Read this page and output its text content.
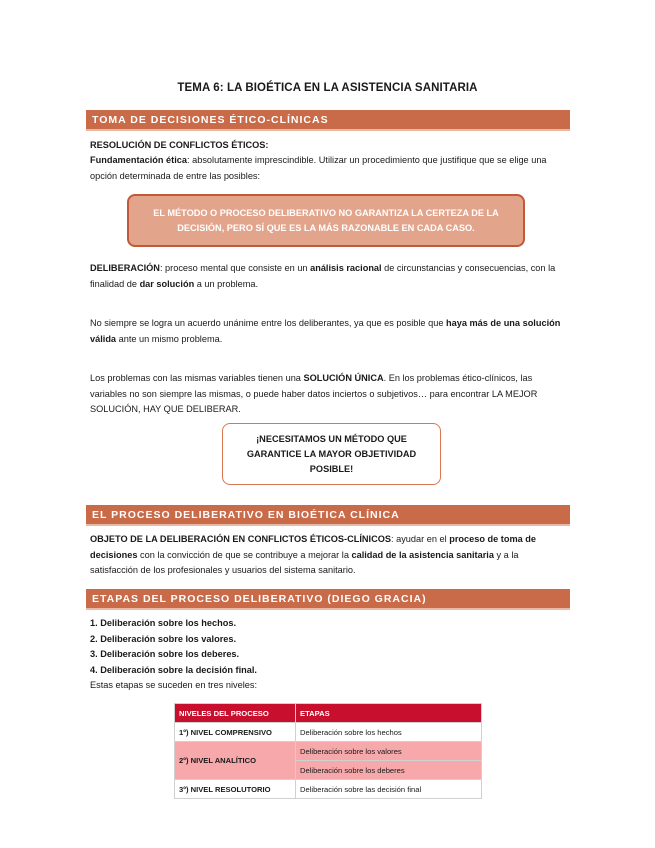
TEMA 6: LA BIOÉTICA EN LA ASISTENCIA SANITARIA
TOMA DE DECISIONES ÉTICO-CLÍNICAS
RESOLUCIÓN DE CONFLICTOS ÉTICOS:
Fundamentación ética: absolutamente imprescindible. Utilizar un procedimiento que justifique que se elige una opción determinada de entre las posibles:
EL MÉTODO O PROCESO DELIBERATIVO NO GARANTIZA LA CERTEZA DE LA DECISIÓN, PERO SÍ QUE ES LA MÁS RAZONABLE EN CADA CASO.
DELIBERACIÓN: proceso mental que consiste en un análisis racional de circunstancias y consecuencias, con la finalidad de dar solución a un problema.
No siempre se logra un acuerdo unánime entre los deliberantes, ya que es posible que haya más de una solución válida ante un mismo problema.
Los problemas con las mismas variables tienen una SOLUCIÓN ÚNICA. En los problemas ético-clínicos, las variables no son siempre las mismas, o puede haber datos inciertos o subjetivos… para encontrar LA MEJOR SOLUCIÓN, HAY QUE DELIBERAR.
¡NECESITAMOS UN MÉTODO QUE GARANTICE LA MAYOR OBJETIVIDAD POSIBLE!
EL PROCESO DELIBERATIVO EN BIOÉTICA CLÍNICA
OBJETO DE LA DELIBERACIÓN EN CONFLICTOS ÉTICOS-CLÍNICOS: ayudar en el proceso de toma de decisiones con la convicción de que se contribuye a mejorar la calidad de la asistencia sanitaria y a la satisfacción de los profesionales y usuarios del sistema sanitario.
ETAPAS DEL PROCESO DELIBERATIVO (DIEGO GRACIA)
1. Deliberación sobre los hechos.
2. Deliberación sobre los valores.
3. Deliberación sobre los deberes.
4. Deliberación sobre la decisión final.
Estas etapas se suceden en tres niveles:
NIVELES DEL PROCESO	ETAPAS
1º) NIVEL COMPRENSIVO	Deliberación sobre los hechos
2º) NIVEL ANALÍTICO	Deliberación sobre los valores
	Deliberación sobre los deberes
3º) NIVEL RESOLUTORIO	Deliberación sobre las decisión final
